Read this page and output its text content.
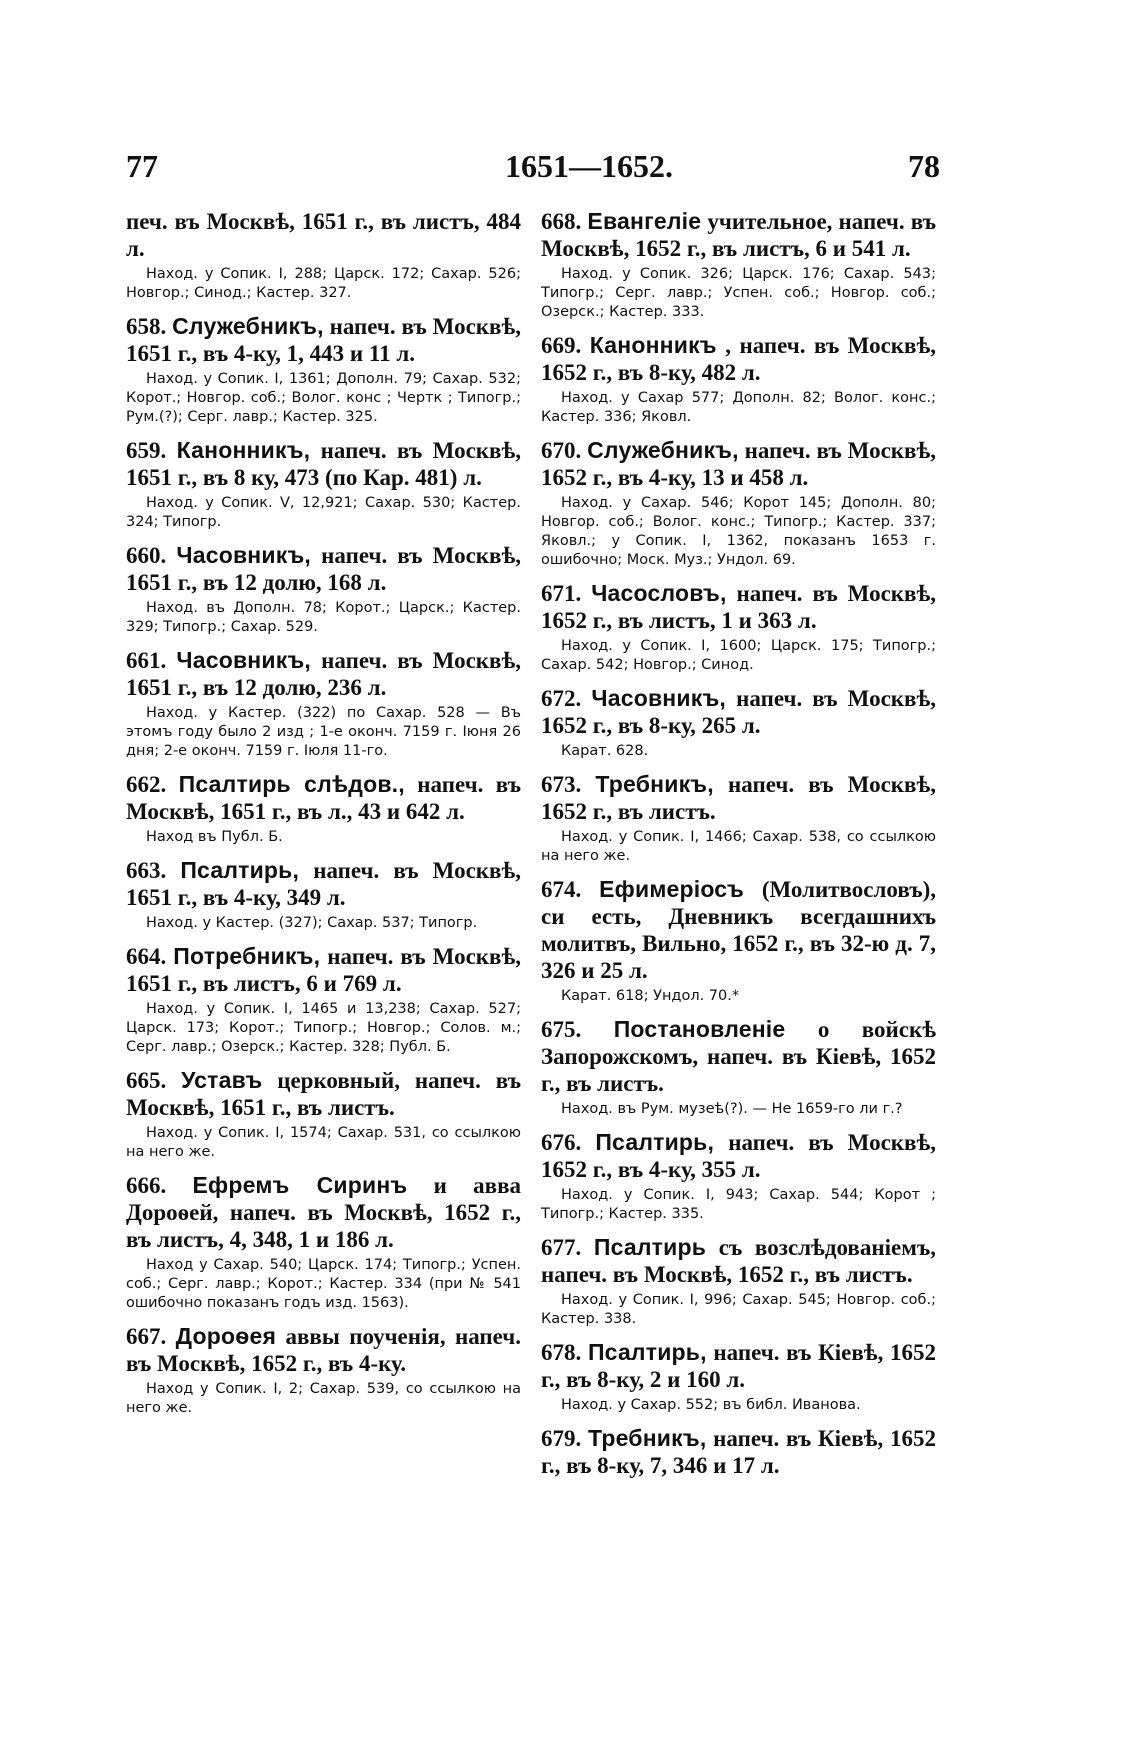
77	1651—1652.	78

печ. въ Москвѣ, 1651 г., въ листъ, 484 л.

Наход. у Сопик. I, 288; Царск. 172; Сахар. 526; Новгор.; Синод.; Кастер. 327.

658. Служебникъ, напеч. въ Москвѣ, 1651 г., въ 4-ку, 1, 443 и 11 л.

Наход. у Сопик. I, 1361; Дополн. 79; Сахар. 532; Корот.; Новгор. соб.; Волог. конс ; Чертк ; Типогр.; Рум.(?); Серг. лавр.; Кастер. 325.

659. Канонникъ, напеч. въ Москвѣ, 1651 г., въ 8 ку, 473 (по Кар. 481) л.

Наход. у Сопик. V, 12,921; Сахар. 530; Кастер. 324; Типогр.

660. Часовникъ, напеч. въ Москвѣ, 1651 г., въ 12 долю, 168 л.

Наход. въ Дополн. 78; Корот.; Царск.; Кастер. 329; Типогр.; Сахар. 529.

661. Часовникъ, напеч. въ Москвѣ, 1651 г., въ 12 долю, 236 л.

Наход. у Кастер. (322) по Сахар. 528 — Въ этомъ году было 2 изд ; 1-е оконч. 7159 г. Іюня 26 дня; 2-е оконч. 7159 г. Іюля 11-го.

662. Псалтирь слѣдов., напеч. въ Москвѣ, 1651 г., въ л., 43 и 642 л.

Наход въ Публ. Б.

663. Псалтирь, напеч. въ Москвѣ, 1651 г., въ 4-ку, 349 л.

Наход. у Кастер. (327); Сахар. 537; Типогр.

664. Потребникъ, напеч. въ Москвѣ, 1651 г., въ листъ, 6 и 769 л.

Наход. у Сопик. I, 1465 и 13,238; Сахар. 527; Царск. 173; Корот.; Типогр.; Новгор.; Солов. м.; Серг. лавр.; Озерск.; Кастер. 328; Публ. Б.

665. Уставъ церковный, напеч. въ Москвѣ, 1651 г., въ листъ.

Наход. у Сопик. I, 1574; Сахар. 531, со ссылкою на него же.

666. Ефремъ Сиринъ и авва Дороѳей, напеч. въ Москвѣ, 1652 г., въ листъ, 4, 348, 1 и 186 л.

Наход у Сахар. 540; Царск. 174; Типогр.; Успен. соб.; Серг. лавр.; Корот.; Кастер. 334 (при № 541 ошибочно показанъ годъ изд. 1563).

667. Дороѳея аввы поученія, напеч. въ Москвѣ, 1652 г., въ 4-ку.

Наход у Сопик. I, 2; Сахар. 539, со ссылкою на него же.

668. Евангеліе учительное, напеч. въ Москвѣ, 1652 г., въ листъ, 6 и 541 л.

Наход. у Сопик. 326; Царск. 176; Сахар. 543; Типогр.; Серг. лавр.; Успен. соб.; Новгор. соб.; Озерск.; Кастер. 333.

669. Канонникъ , напеч. въ Москвѣ, 1652 г., въ 8-ку, 482 л.

Наход. у Сахар 577; Дополн. 82; Волог. конс.; Кастер. 336; Яковл.

670. Служебникъ, напеч. въ Москвѣ, 1652 г., въ 4-ку, 13 и 458 л.

Наход. у Сахар. 546; Корот 145; Дополн. 80; Новгор. соб.; Волог. конс.; Типогр.; Кастер. 337; Яковл.; у Сопик. I, 1362, показанъ 1653 г. ошибочно; Моск. Муз.; Ундол. 69.

671. Часословъ, напеч. въ Москвѣ, 1652 г., въ листъ, 1 и 363 л.

Наход. у Сопик. I, 1600; Царск. 175; Типогр.; Сахар. 542; Новгор.; Синод.

672. Часовникъ, напеч. въ Москвѣ, 1652 г., въ 8-ку, 265 л.

Карат. 628.

673. Требникъ, напеч. въ Москвѣ, 1652 г., въ листъ.

Наход. у Сопик. I, 1466; Сахар. 538, со ссылкою на него же.

674. Ефимеріосъ (Молитвословъ), си есть, Дневникъ всегдашнихъ молитвъ, Вильно, 1652 г., въ 32-ю д. 7, 326 и 25 л.

Карат. 618; Ундол. 70.*

675. Постановленіе о войскѣ Запорожскомъ, напеч. въ Кіевѣ, 1652 г., въ листъ.

Наход. въ Рум. музеѣ(?). — Не 1659-го ли г.?

676. Псалтирь, напеч. въ Москвѣ, 1652 г., въ 4-ку, 355 л.

Наход. у Сопик. I, 943; Сахар. 544; Корот ; Типогр.; Кастер. 335.

677. Псалтирь съ возслѣдованіемъ, напеч. въ Москвѣ, 1652 г., въ листъ.

Наход. у Сопик. I, 996; Сахар. 545; Новгор. соб.; Кастер. 338.

678. Псалтирь, напеч. въ Кіевѣ, 1652 г., въ 8-ку, 2 и 160 л.

Наход. у Сахар. 552; въ библ. Иванова.

679. Требникъ, напеч. въ Кіевѣ, 1652 г., въ 8-ку, 7, 346 и 17 л.
